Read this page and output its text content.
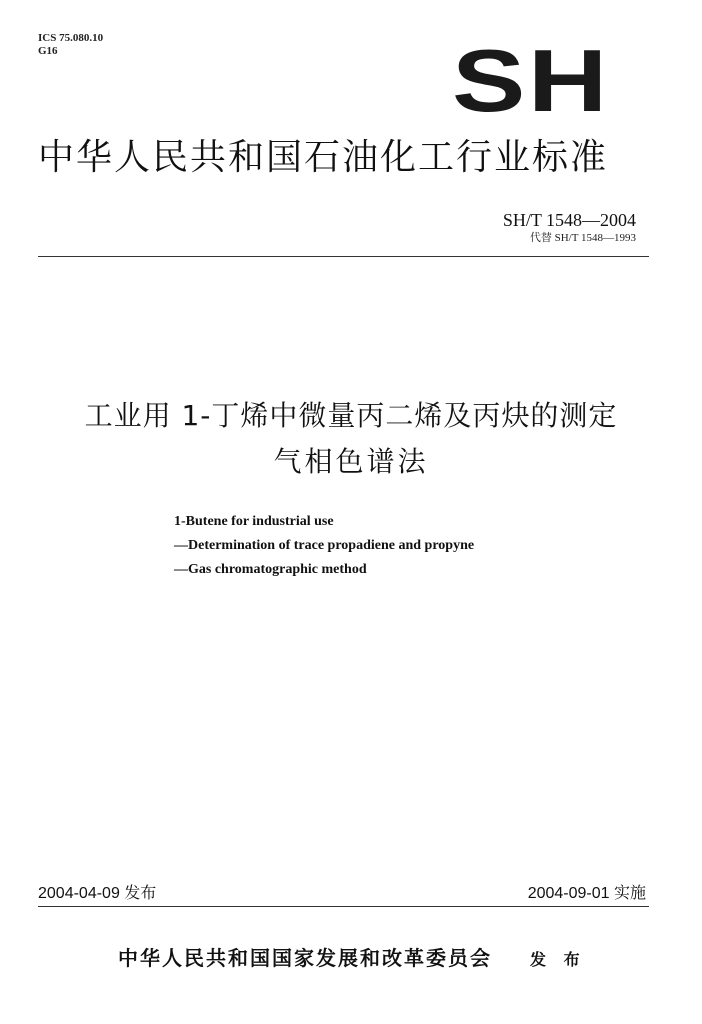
ICS 75.080.10
G16	SH
中华人民共和国石油化工行业标准
SH/T 1548—2004
代替 SH/T 1548—1993
工业用 1-丁烯中微量丙二烯及丙炔的测定
气相色谱法
1-Butene for industrial use
—Determination of trace propadiene and propyne
—Gas chromatographic method
2004-04-09 发布	2004-09-01 实施
中华人民共和国国家发展和改革委员会 发 布
